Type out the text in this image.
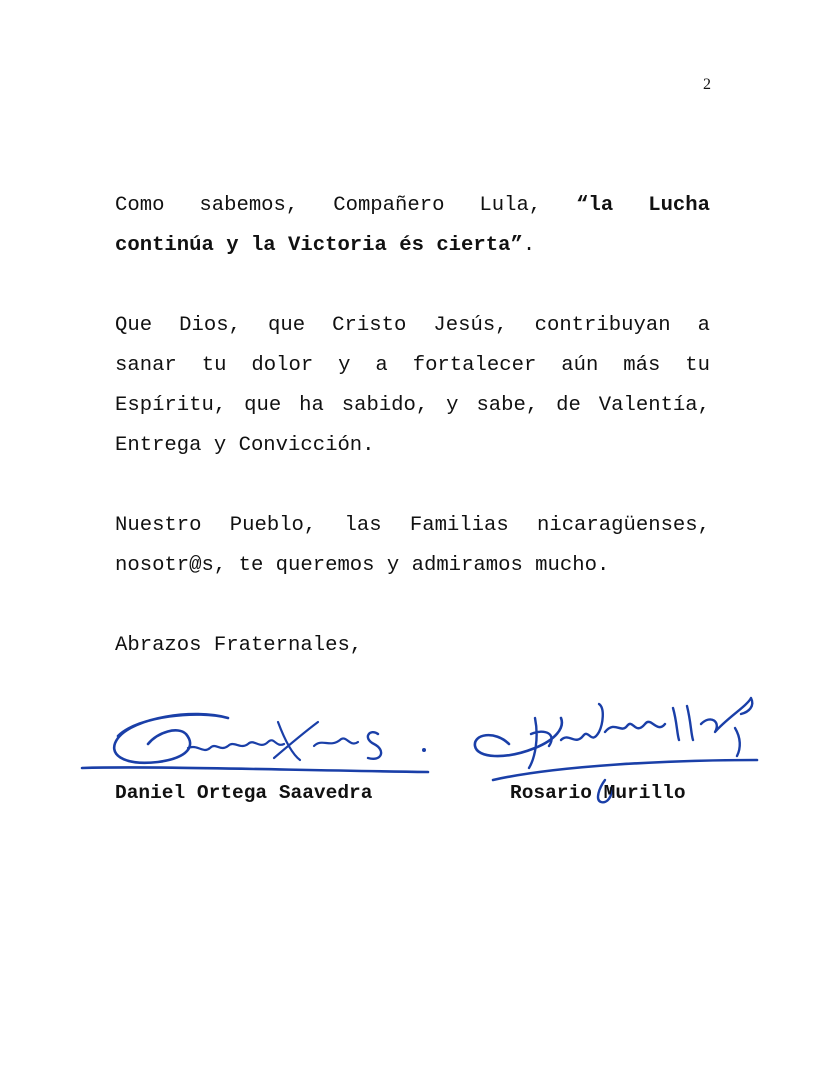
2
Como sabemos, Compañero Lula, “la Lucha
continúa y la Victoria és cierta”.
Que Dios, que Cristo Jesús, contribuyan a
sanar tu dolor y a fortalecer aún más tu
Espíritu, que ha sabido, y sabe, de Valentía,
Entrega y Convicción.
Nuestro Pueblo, las Familias nicaragüenses,
nosotr@s, te queremos y admiramos mucho.
Abrazos Fraternales,
Daniel Ortega Saavedra	Rosario Murillo
